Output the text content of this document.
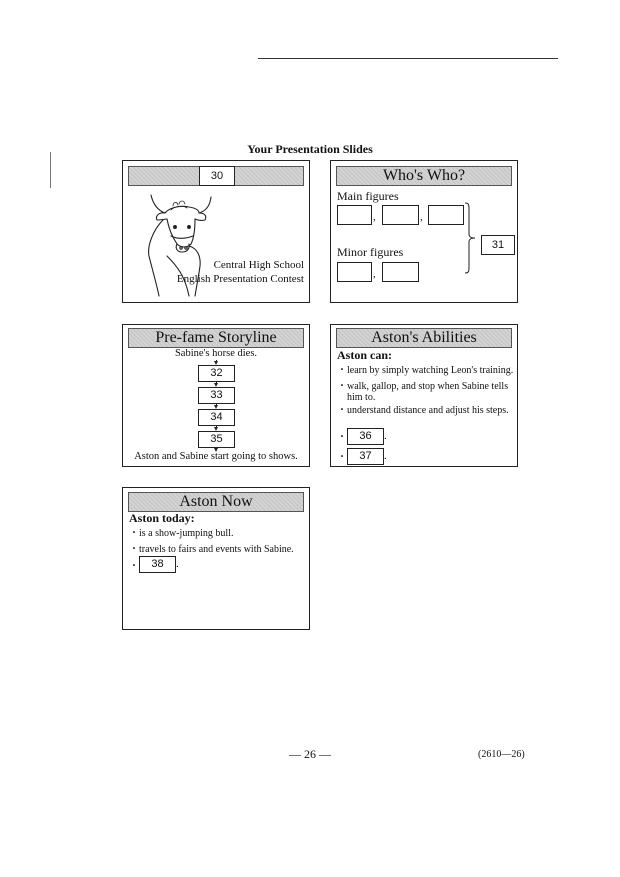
Your Presentation Slides
30
Central High School
English Presentation Contest
Who's Who?
Main figures
,	,
31
Minor figures
,
Pre-fame Storyline
Sabine's horse dies.
32
33
34
35
Aston and Sabine start going to shows.
Aston's Abilities
Aston can:
・learn by simply watching Leon's training.
・walk, gallop, and stop when Sabine tells him to.
・understand distance and adjust his steps.
・	36	.
・	37	.
Aston Now
Aston today:
・is a show-jumping bull.
・travels to fairs and events with Sabine.
・	38	.
— 26 —	(2610—26)
